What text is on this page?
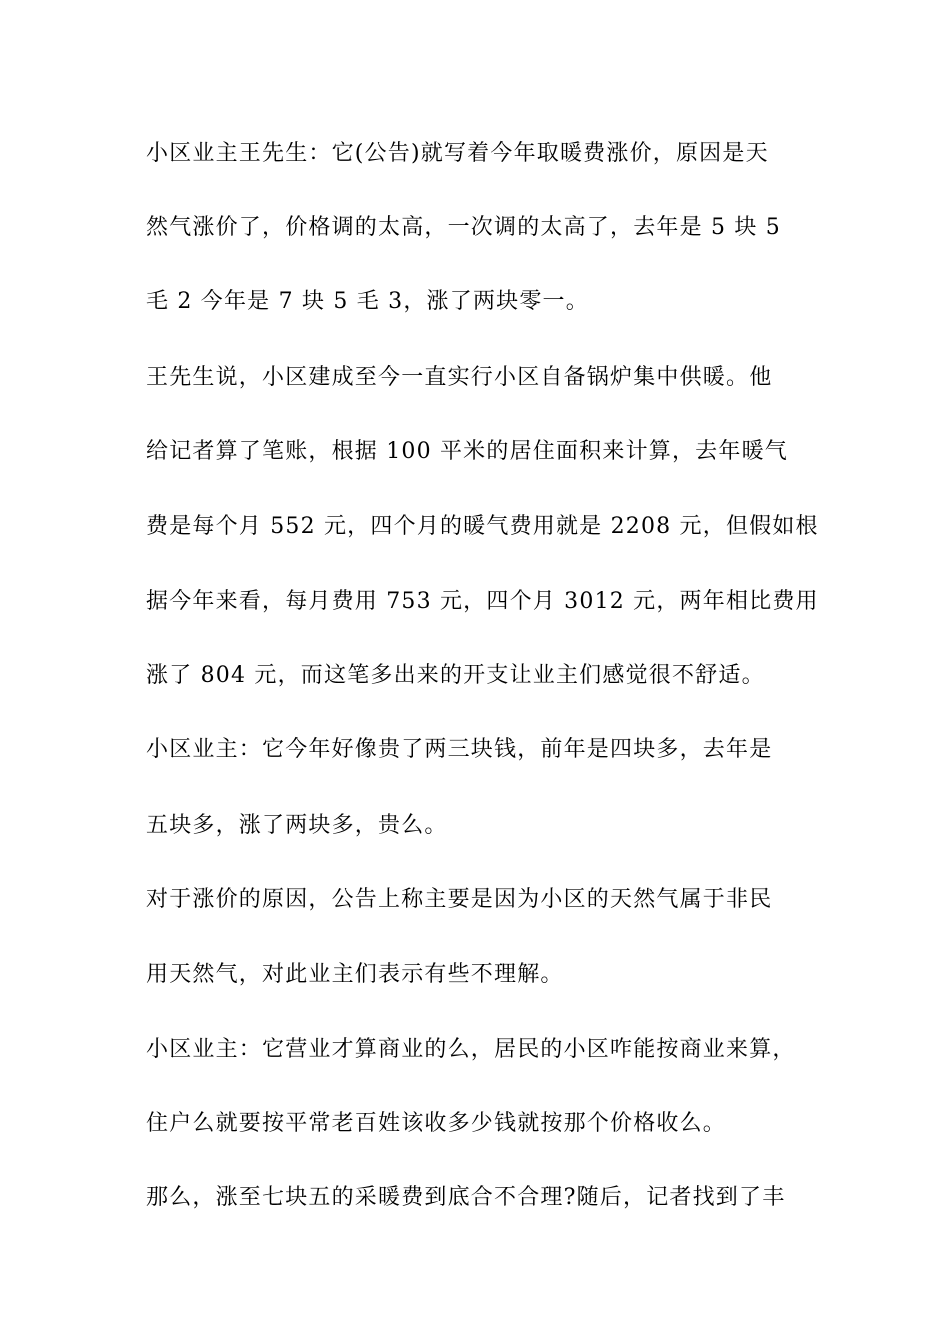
小区业主王先生：它(公告)就写着今年取暖费涨价，原因是天
然气涨价了，价格调的太高，一次调的太高了，去年是 5 块 5
毛 2 今年是 7 块 5 毛 3，涨了两块零一。
王先生说，小区建成至今一直实行小区自备锅炉集中供暖。他
给记者算了笔账，根据 100 平米的居住面积来计算，去年暖气
费是每个月 552 元，四个月的暖气费用就是 2208 元，但假如根
据今年来看，每月费用 753 元，四个月 3012 元，两年相比费用
涨了 804 元，而这笔多出来的开支让业主们感觉很不舒适。
小区业主：它今年好像贵了两三块钱，前年是四块多，去年是
五块多，涨了两块多，贵么。
对于涨价的原因，公告上称主要是因为小区的天然气属于非民
用天然气，对此业主们表示有些不理解。
小区业主：它营业才算商业的么，居民的小区咋能按商业来算，
住户么就要按平常老百姓该收多少钱就按那个价格收么。
那么，涨至七块五的采暖费到底合不合理?随后，记者找到了丰
